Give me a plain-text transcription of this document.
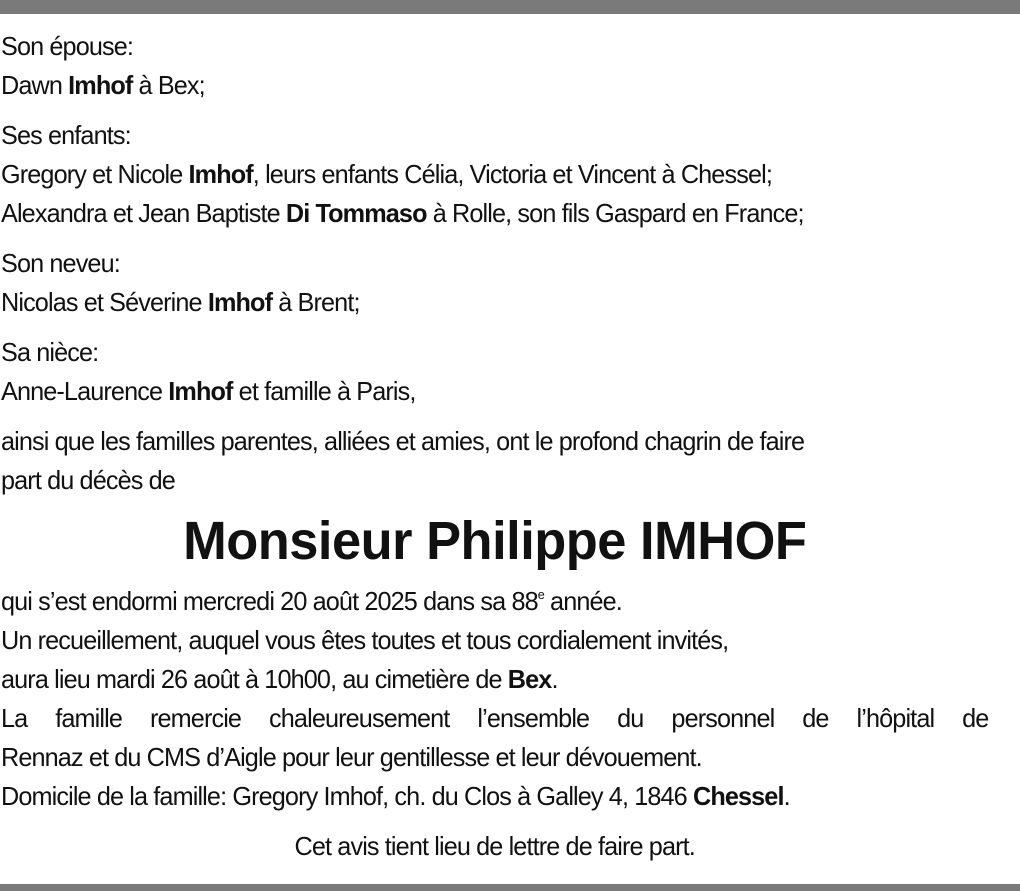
Son épouse:
Dawn Imhof à Bex;
Ses enfants:
Gregory et Nicole Imhof, leurs enfants Célia, Victoria et Vincent à Chessel;
Alexandra et Jean Baptiste Di Tommaso à Rolle, son fils Gaspard en France;
Son neveu:
Nicolas et Séverine Imhof à Brent;
Sa nièce:
Anne-Laurence Imhof et famille à Paris,
ainsi que les familles parentes, alliées et amies, ont le profond chagrin de faire
part du décès de
Monsieur Philippe IMHOF
qui s’est endormi mercredi 20 août 2025 dans sa 88e année.
Un recueillement, auquel vous êtes toutes et tous cordialement invités,
aura lieu mardi 26 août à 10h00, au cimetière de Bex.
La famille remercie chaleureusement l’ensemble du personnel de l’hôpital de
Rennaz et du CMS d’Aigle pour leur gentillesse et leur dévouement.
Domicile de la famille: Gregory Imhof, ch. du Clos à Galley 4, 1846 Chessel.
Cet avis tient lieu de lettre de faire part.
